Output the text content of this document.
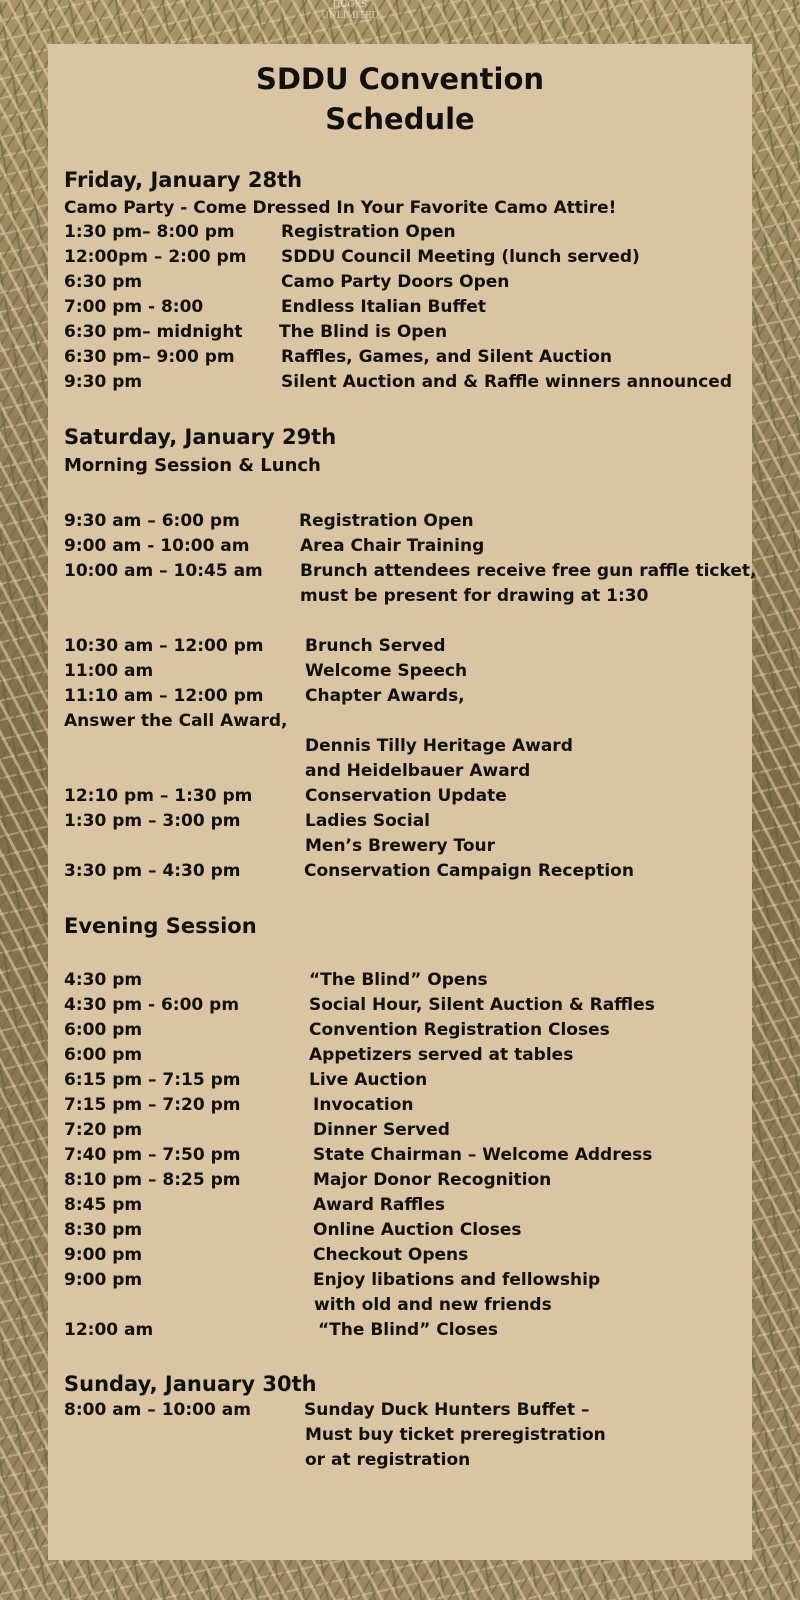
DUCKS
UNLIMITED
SDDU Convention
Schedule
Friday, January 28th
Camo Party - Come Dressed In Your Favorite Camo Attire!
1:30 pm– 8:00 pm	Registration Open
12:00pm – 2:00 pm SDDU Council Meeting (lunch served)
6:30 pm	Camo Party Doors Open
7:00 pm - 8:00	Endless Italian Buffet
6:30 pm– midnight The Blind is Open
6:30 pm– 9:00 pm	Raffles, Games, and Silent Auction
9:30 pm	Silent Auction and & Raffle winners announced
Saturday, January 29th
Morning Session & Lunch
9:30 am – 6:00 pm	Registration Open
9:00 am - 10:00 am	Area Chair Training
10:00 am – 10:45 am Brunch attendees receive free gun raffle ticket,
must be present for drawing at 1:30
10:30 am – 12:00 pm Brunch Served
11:00 am	Welcome Speech
11:10 am – 12:00 pm Chapter Awards,
Answer the Call Award,
Dennis Tilly Heritage Award
and Heidelbauer Award
12:10 pm – 1:30 pm	Conservation Update
1:30 pm – 3:00 pm	Ladies Social
Men’s Brewery Tour
3:30 pm – 4:30 pm	Conservation Campaign Reception
Evening Session
4:30 pm	“The Blind” Opens
4:30 pm - 6:00 pm	Social Hour, Silent Auction & Raffles
6:00 pm	Convention Registration Closes
6:00 pm	Appetizers served at tables
6:15 pm – 7:15 pm	Live Auction
7:15 pm – 7:20 pm	Invocation
7:20 pm	Dinner Served
7:40 pm – 7:50 pm	State Chairman – Welcome Address
8:10 pm – 8:25 pm	Major Donor Recognition
8:45 pm	Award Raffles
8:30 pm	Online Auction Closes
9:00 pm	Checkout Opens
9:00 pm	Enjoy libations and fellowship
with old and new friends
12:00 am	“The Blind” Closes
Sunday, January 30th
8:00 am – 10:00 am	Sunday Duck Hunters Buffet –
Must buy ticket preregistration
or at registration
